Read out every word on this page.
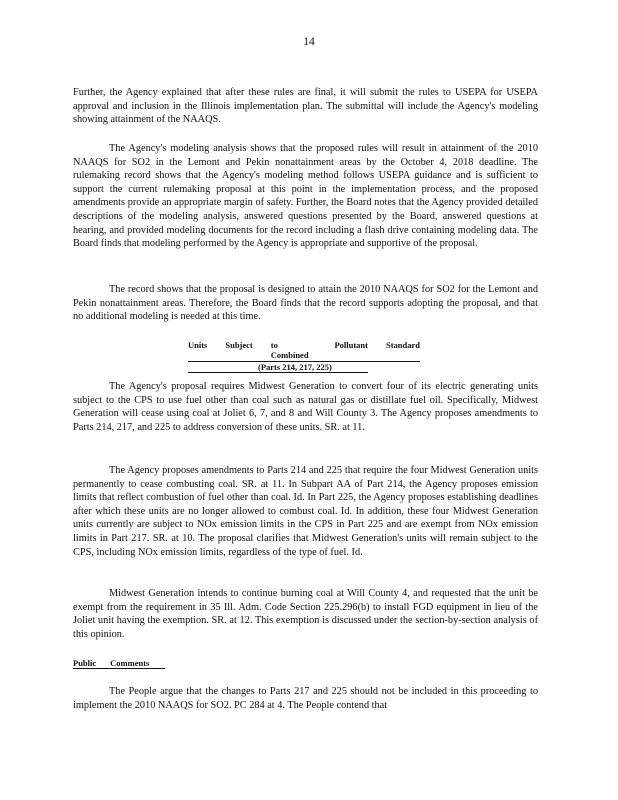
14

Further, the Agency explained that after these rules are final, it will submit the rules to USEPA for USEPA approval and inclusion in the Illinois implementation plan. The submittal will include the Agency's modeling showing attainment of the NAAQS.

The Agency's modeling analysis shows that the proposed rules will result in attainment of the 2010 NAAQS for SO2 in the Lemont and Pekin nonattainment areas by the October 4, 2018 deadline. The rulemaking record shows that the Agency's modeling method follows USEPA guidance and is sufficient to support the current rulemaking proposal at this point in the implementation process, and the proposed amendments provide an appropriate margin of safety. Further, the Board notes that the Agency provided detailed descriptions of the modeling analysis, answered questions presented by the Board, answered questions at hearing, and provided modeling documents for the record including a flash drive containing modeling data. The Board finds that modeling performed by the Agency is appropriate and supportive of the proposal.

The record shows that the proposal is designed to attain the 2010 NAAQS for SO2 for the Lemont and Pekin nonattainment areas. Therefore, the Board finds that the record supports adopting the proposal, and that no additional modeling is needed at this time.

Units Subject to Combined
Pollutant Standard
(Parts 214, 217, 225)

The Agency's proposal requires Midwest Generation to convert four of its electric generating units subject to the CPS to use fuel other than coal such as natural gas or distillate fuel oil. Specifically, Midwest Generation will cease using coal at Joliet 6, 7, and 8 and Will County 3. The Agency proposes amendments to Parts 214, 217, and 225 to address conversion of these units. SR. at 11.

The Agency proposes amendments to Parts 214 and 225 that require the four Midwest Generation units permanently to cease combusting coal. SR. at 11. In Subpart AA of Part 214, the Agency proposes emission limits that reflect combustion of fuel other than coal. Id. In Part 225, the Agency proposes establishing deadlines after which these units are no longer allowed to combust coal. Id. In addition, these four Midwest Generation units currently are subject to NOx emission limits in the CPS in Part 225 and are exempt from NOx emission limits in Part 217. SR. at 10. The proposal clarifies that Midwest Generation's units will remain subject to the CPS, including NOx emission limits, regardless of the type of fuel. Id.

Midwest Generation intends to continue burning coal at Will County 4, and requested that the unit be exempt from the requirement in 35 Ill. Adm. Code Section 225.296(b) to install FGD equipment in lieu of the Joliet unit having the exemption. SR. at 12. This exemption is discussed under the section-by-section analysis of this opinion.

Public Comments

The People argue that the changes to Parts 217 and 225 should not be included in this proceeding to implement the 2010 NAAQS for SO2. PC 284 at 4. The People contend that
